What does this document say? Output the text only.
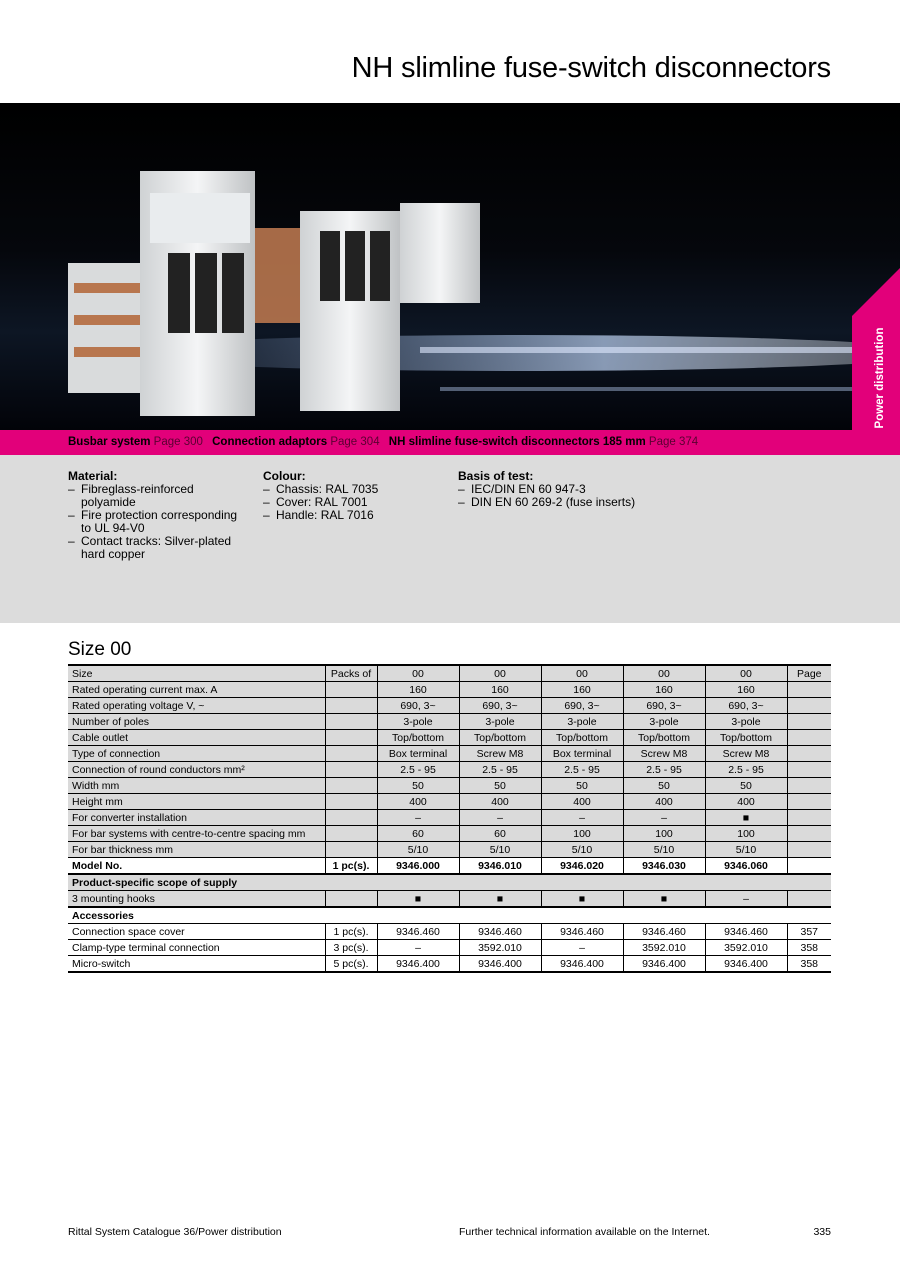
NH slimline fuse-switch disconnectors
Busbar system Page 300 Connection adaptors Page 304 NH slimline fuse-switch disconnectors 185 mm Page 374
Power distribution
Material:
– Fibreglass-reinforced polyamide
– Fire protection corresponding to UL 94-V0
– Contact tracks: Silver-plated hard copper
Colour:
– Chassis: RAL 7035
– Cover: RAL 7001
– Handle: RAL 7016
Basis of test:
– IEC/DIN EN 60 947-3
– DIN EN 60 269-2 (fuse inserts)
Size 00
Size	Packs of	00	00	00	00	00	Page
Rated operating current max. A		160	160	160	160	160	
Rated operating voltage V, ~		690, 3~	690, 3~	690, 3~	690, 3~	690, 3~	
Number of poles		3-pole	3-pole	3-pole	3-pole	3-pole	
Cable outlet		Top/bottom	Top/bottom	Top/bottom	Top/bottom	Top/bottom	
Type of connection		Box terminal	Screw M8	Box terminal	Screw M8	Screw M8	
Connection of round conductors mm²		2.5 - 95	2.5 - 95	2.5 - 95	2.5 - 95	2.5 - 95	
Width mm		50	50	50	50	50	
Height mm		400	400	400	400	400	
For converter installation		–	–	–	–	■	
For bar systems with centre-to-centre spacing mm		60	60	100	100	100	
For bar thickness mm		5/10	5/10	5/10	5/10	5/10	
Model No.	1 pc(s).	9346.000	9346.010	9346.020	9346.030	9346.060	
Product-specific scope of supply							
3 mounting hooks		■	■	■	■	–	
Accessories							
Connection space cover	1 pc(s).	9346.460	9346.460	9346.460	9346.460	9346.460	357
Clamp-type terminal connection	3 pc(s).	–	3592.010	–	3592.010	3592.010	358
Micro-switch	5 pc(s).	9346.400	9346.400	9346.400	9346.400	9346.400	358
Rittal System Catalogue 36/Power distribution	Further technical information available on the Internet.	335
